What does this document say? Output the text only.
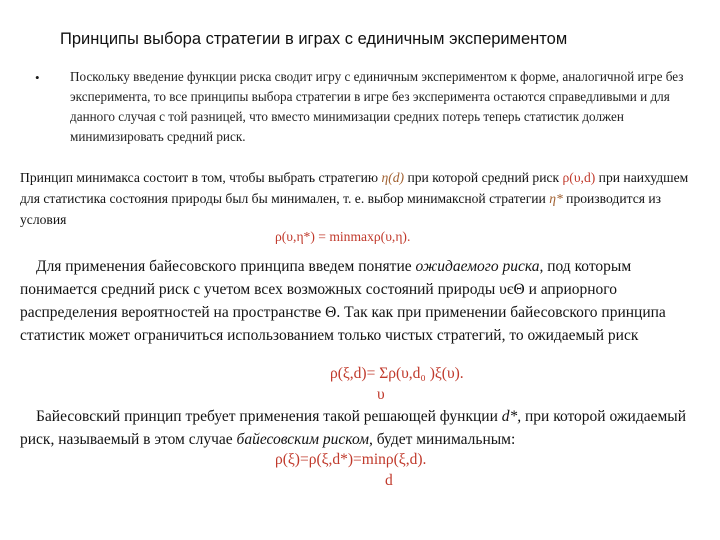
Принципы выбора стратегии в играх с единичным экспериментом
• Поскольку введение функции риска сводит игру с единичным экспериментом к форме, аналогичной игре без эксперимента, то все принципы выбора стратегии в игре без эксперимента остаются справедливыми и для данного случая с той разницей, что вместо минимизации средних потерь теперь статистик должен минимизировать средний риск.
Принцип минимакса состоит в том, чтобы выбрать стратегию η(d) при которой средний риск ρ(υ,d) при наихудшем для статистика состояния природы был бы минимален, т. е. выбор минимаксной стратегии η* производится из условия
ρ(υ,η*) = minmaxρ(υ,η).
Для применения байесовского принципа введем понятие ожидаемого риска, под которым понимается средний риск с учетом всех возможных состояний природы υєΘ и априорного распределения вероятностей на пространстве Θ. Так как при применении байесовского принципа статистик может ограничиться использованием только чистых стратегий, то ожидаемый риск
ρ(ξ,d)= Σρ(υ,d₀ )ξ(υ).
υ
Байесовский принцип требует применения такой решающей функции d*, при которой ожидаемый риск, называемый в этом случае байесовским риском, будет минимальным:
ρ(ξ)=ρ(ξ,d*)=minρ(ξ,d).
d
